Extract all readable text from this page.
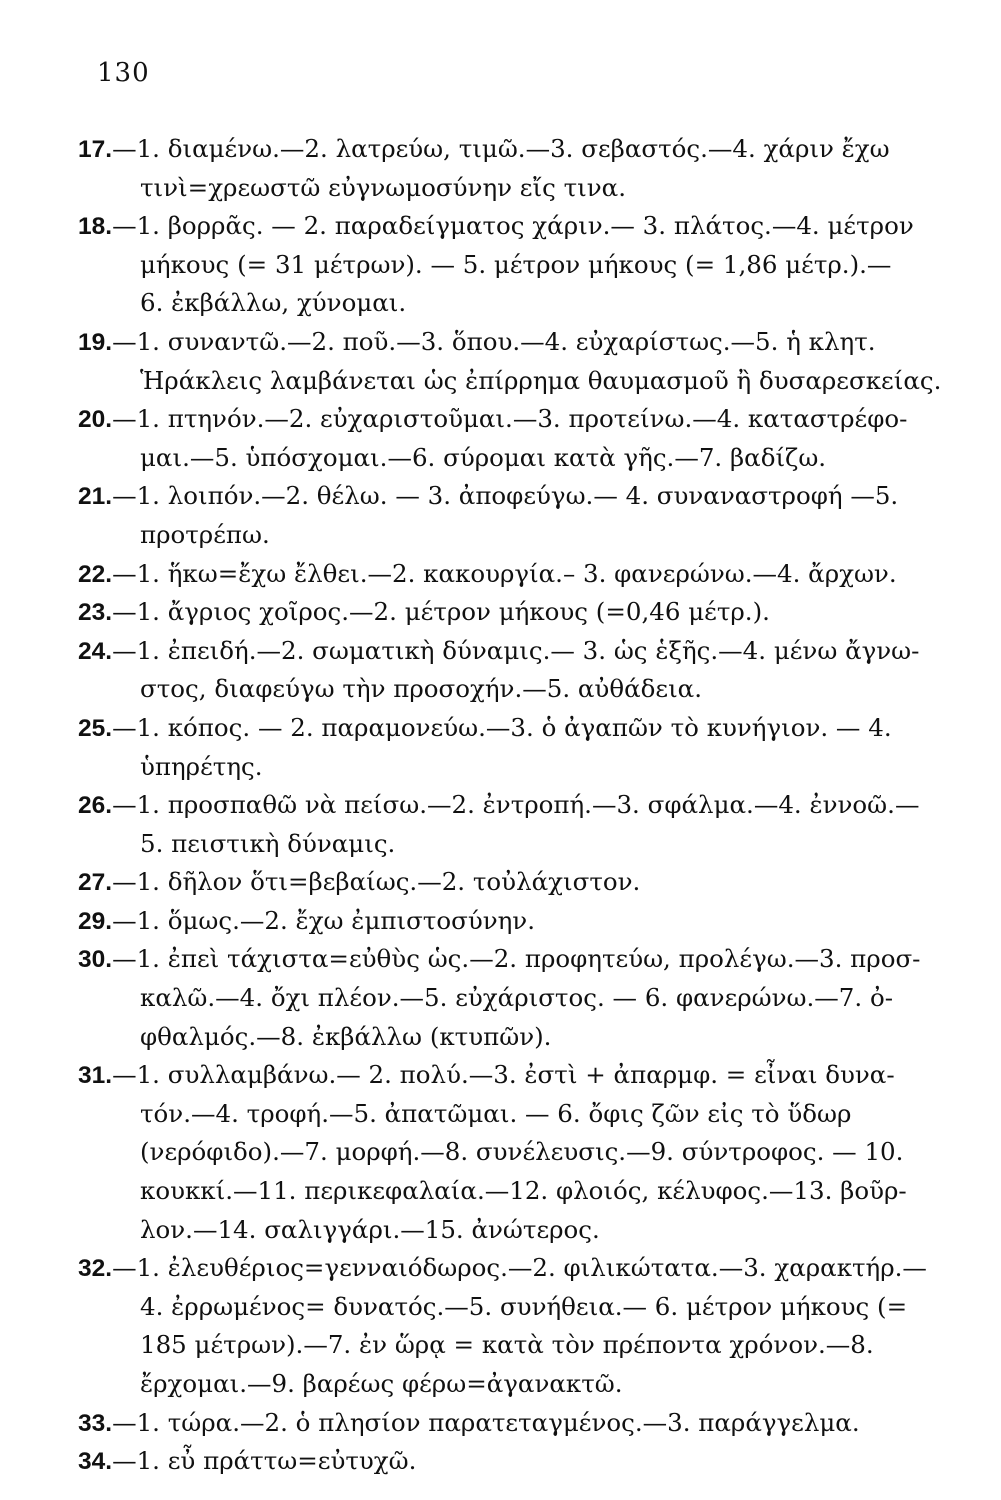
130
17.—1. διαμένω.—2. λατρεύω, τιμῶ.—3. σεβαστός.—4. χάριν ἔχω
τινὶ=χρεωστῶ εὐγνωμοσύνην εἴς τινα.
18.—1. βορρᾶς. — 2. παραδείγματος χάριν.— 3. πλάτος.—4. μέτρον
μήκους (= 31 μέτρων). — 5. μέτρον μήκους (= 1,86 μέτρ.).—
6. ἐκβάλλω, χύνομαι.
19.—1. συναντῶ.—2. ποῦ.—3. ὅπου.—4. εὐχαρίστως.—5. ἡ κλητ.
Ἡράκλεις λαμβάνεται ὡς ἐπίρρημα θαυμασμοῦ ἢ δυσαρεσκείας.
20.—1. πτηνόν.—2. εὐχαριστοῦμαι.—3. προτείνω.—4. καταστρέφο-
μαι.—5. ὑπόσχομαι.—6. σύρομαι κατὰ γῆς.—7. βαδίζω.
21.—1. λοιπόν.—2. θέλω. — 3. ἀποφεύγω.— 4. συναναστροφή —5.
προτρέπω.
22.—1. ἥκω=ἔχω ἔλθει.—2. κακουργία.– 3. φανερώνω.—4. ἄρχων.
23.—1. ἄγριος χοῖρος.—2. μέτρον μήκους (=0,46 μέτρ.).
24.—1. ἐπειδή.—2. σωματικὴ δύναμις.— 3. ὡς ἑξῆς.—4. μένω ἄγνω-
στος, διαφεύγω τὴν προσοχήν.—5. αὐθάδεια.
25.—1. κόπος. — 2. παραμονεύω.—3. ὁ ἀγαπῶν τὸ κυνήγιον. — 4.
ὑπηρέτης.
26.—1. προσπαθῶ νὰ πείσω.—2. ἐντροπή.—3. σφάλμα.—4. ἐννοῶ.—
5. πειστικὴ δύναμις.
27.—1. δῆλον ὅτι=βεβαίως.—2. τοὐλάχιστον.
29.—1. ὅμως.—2. ἔχω ἐμπιστοσύνην.
30.—1. ἐπεὶ τάχιστα=εὐθὺς ὡς.—2. προφητεύω, προλέγω.—3. προσ-
καλῶ.—4. ὄχι πλέον.—5. εὐχάριστος. — 6. φανερώνω.—7. ὀ-
φθαλμός.—8. ἐκβάλλω (κτυπῶν).
31.—1. συλλαμβάνω.— 2. πολύ.—3. ἐστὶ + ἀπαρμφ. = εἶναι δυνα-
τόν.—4. τροφή.—5. ἀπατῶμαι. — 6. ὄφις ζῶν εἰς τὸ ὕδωρ
(νερόφιδο).—7. μορφή.—8. συνέλευσις.—9. σύντροφος. — 10.
κουκκί.—11. περικεφαλαία.—12. φλοιός, κέλυφος.—13. βοῦρ-
λον.—14. σαλιγγάρι.—15. ἀνώτερος.
32.—1. ἐλευθέριος=γενναιόδωρος.—2. φιλικώτατα.—3. χαρακτήρ.—
4. ἐρρωμένος= δυνατός.—5. συνήθεια.— 6. μέτρον μήκους (=
185 μέτρων).—7. ἐν ὥρᾳ = κατὰ τὸν πρέποντα χρόνον.—8.
ἔρχομαι.—9. βαρέως φέρω=ἀγανακτῶ.
33.—1. τώρα.—2. ὁ πλησίον παρατεταγμένος.—3. παράγγελμα.
34.—1. εὖ πράττω=εὐτυχῶ.
